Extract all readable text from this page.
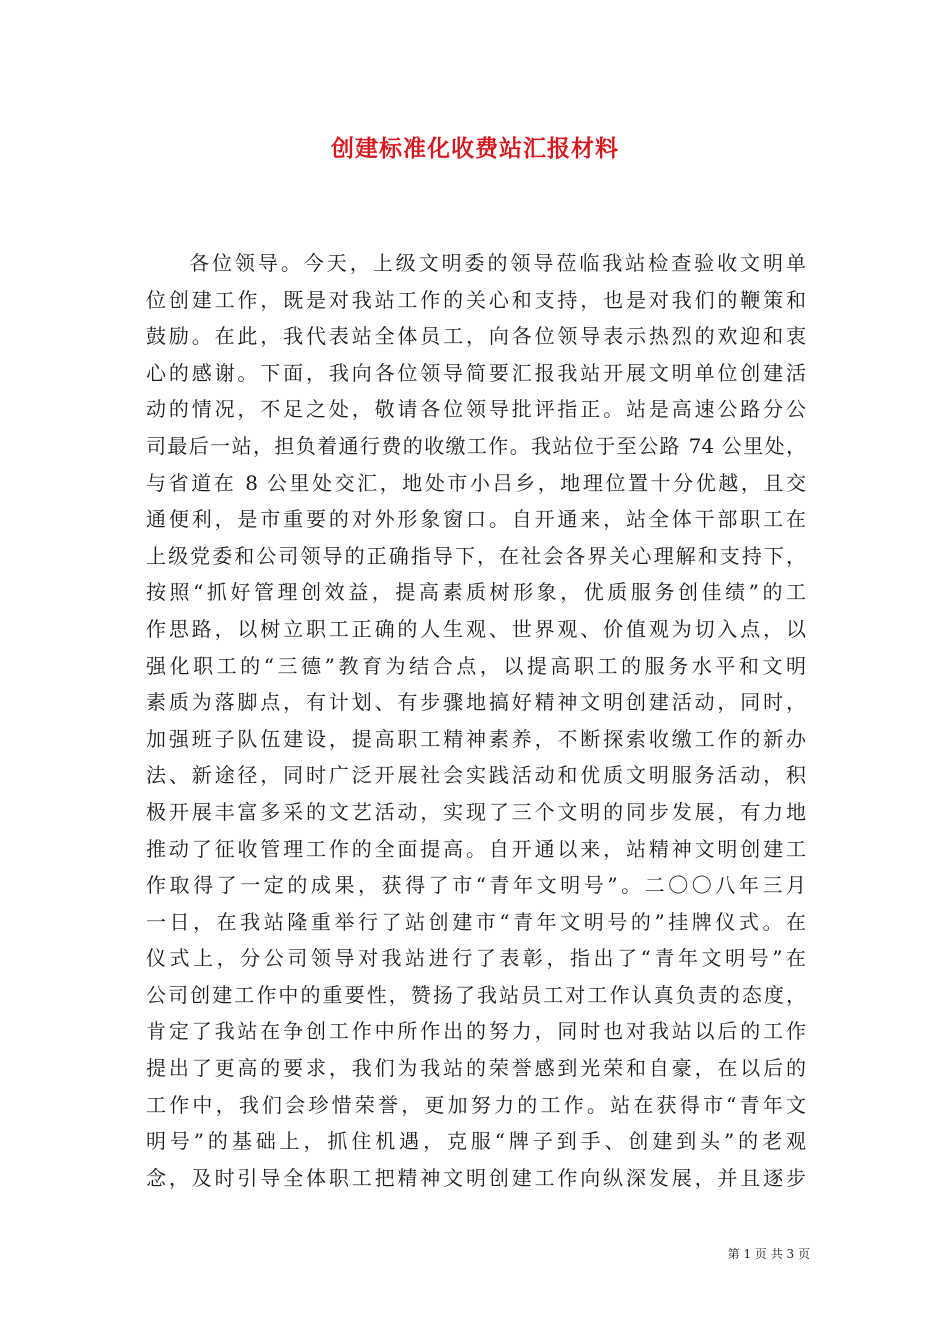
创建标准化收费站汇报材料
各位领导。今天，上级文明委的领导莅临我站检查验收文明单
位创建工作，既是对我站工作的关心和支持，也是对我们的鞭策和
鼓励。在此，我代表站全体员工，向各位领导表示热烈的欢迎和衷
心的感谢。下面，我向各位领导简要汇报我站开展文明单位创建活
动的情况，不足之处，敬请各位领导批评指正。站是高速公路分公
司最后一站，担负着通行费的收缴工作。我站位于至公路 74 公里处，
与省道在 8 公里处交汇，地处市小吕乡，地理位置十分优越，且交
通便利，是市重要的对外形象窗口。自开通来，站全体干部职工在
上级党委和公司领导的正确指导下，在社会各界关心理解和支持下，
按照“抓好管理创效益，提高素质树形象，优质服务创佳绩”的工
作思路，以树立职工正确的人生观、世界观、价值观为切入点，以
强化职工的“三德”教育为结合点，以提高职工的服务水平和文明
素质为落脚点，有计划、有步骤地搞好精神文明创建活动，同时，
加强班子队伍建设，提高职工精神素养，不断探索收缴工作的新办
法、新途径，同时广泛开展社会实践活动和优质文明服务活动，积
极开展丰富多采的文艺活动，实现了三个文明的同步发展，有力地
推动了征收管理工作的全面提高。自开通以来，站精神文明创建工
作取得了一定的成果，获得了市“青年文明号”。二〇〇八年三月
一日，在我站隆重举行了站创建市“青年文明号的”挂牌仪式。在
仪式上，分公司领导对我站进行了表彰，指出了“青年文明号”在
公司创建工作中的重要性，赞扬了我站员工对工作认真负责的态度，
肯定了我站在争创工作中所作出的努力，同时也对我站以后的工作
提出了更高的要求，我们为我站的荣誉感到光荣和自豪，在以后的
工作中，我们会珍惜荣誉，更加努力的工作。站在获得市“青年文
明号”的基础上，抓住机遇，克服“牌子到手、创建到头”的老观
念，及时引导全体职工把精神文明创建工作向纵深发展，并且逐步

第 1 页 共 3 页
